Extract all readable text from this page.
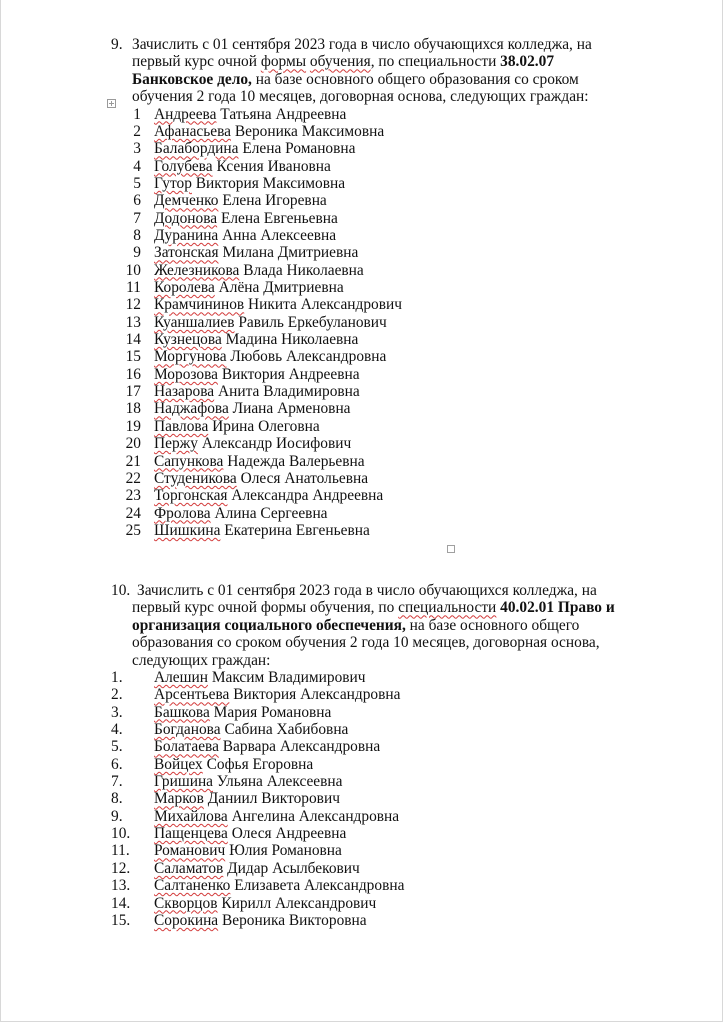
9. Зачислить с 01 сентября 2023 года в число обучающихся колледжа, на
первый курс очной формы обучения, по специальности 38.02.07
Банковское дело, на базе основного общего образования со сроком
обучения 2 года 10 месяцев, договорная основа, следующих граждан:
1 Андреева Татьяна Андреевна
2 Афанасьева Вероника Максимовна
3 Балабордина Елена Романовна
4 Голубева Ксения Ивановна
5 Гутор Виктория Максимовна
6 Демченко Елена Игоревна
7 Додонова Елена Евгеньевна
8 Дуранина Анна Алексеевна
9 Затонская Милана Дмитриевна
10 Железникова Влада Николаевна
11 Королева Алёна Дмитриевна
12 Крамчининов Никита Александрович
13 Куаншалиев Равиль Еркебуланович
14 Кузнецова Мадина Николаевна
15 Моргунова Любовь Александровна
16 Морозова Виктория Андреевна
17 Назарова Анита Владимировна
18 Наджафова Лиана Арменовна
19 Павлова Ирина Олеговна
20 Пержу Александр Иосифович
21 Сапункова Надежда Валерьевна
22 Студеникова Олеся Анатольевна
23 Торгонская Александра Андреевна
24 Фролова Алина Сергеевна
25 Шишкина Екатерина Евгеньевна
10. Зачислить с 01 сентября 2023 года в число обучающихся колледжа, на
первый курс очной формы обучения, по специальности 40.02.01 Право и
организация социального обеспечения, на базе основного общего
образования со сроком обучения 2 года 10 месяцев, договорная основа,
следующих граждан:
1. Алешин Максим Владимирович
2. Арсентьева Виктория Александровна
3. Башкова Мария Романовна
4. Богданова Сабина Хабибовна
5. Болатаева Варвара Александровна
6. Войцех Софья Егоровна
7. Гришина Ульяна Алексеевна
8. Марков Даниил Викторович
9. Михайлова Ангелина Александровна
10. Пащенцева Олеся Андреевна
11. Романович Юлия Романовна
12. Саламатов Дидар Асылбекович
13. Салтаненко Елизавета Александровна
14. Скворцов Кирилл Александрович
15. Сорокина Вероника Викторовна
